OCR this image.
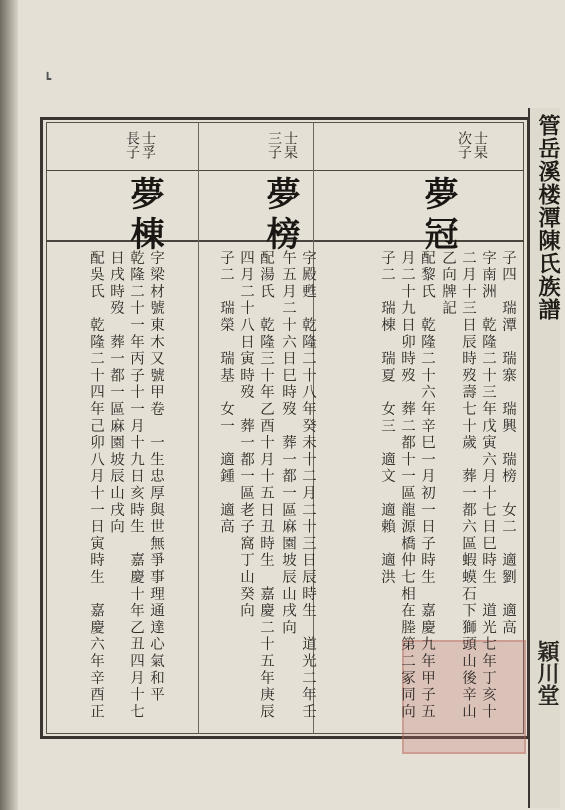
┗
管岳溪楼潭陳氏族譜
穎川堂
士杲
次子
夢冠
士杲
三子
夢榜
士孚
長子
夢棟
子四　瑞潭　瑞寨　瑞興　瑞榜　女二　適劉　適高
字南洲　乾隆二十三年戊寅六月十七日巳時生　道光七年丁亥十
二月十三日辰時歿壽七十歲　葬一都六區蝦蟆石下獅頭山後辛山
乙向牌記
配黎氏　乾隆二十六年辛巳一月初一日子時生　嘉慶九年甲子五
月二十九日卯時歿　葬二都十一區龍源橋仲七相在塍第二冢同向
子二　瑞棟　瑞夏　女三　適文　適賴　適洪
字殿甦　乾隆二十八年癸未十二月二十三日辰時生　道光二年壬
午五月二十六日巳時歿　葬一都一區麻園坡辰山戌向
配湯氏　乾隆三十年乙酉十月十五日丑時生　嘉慶二十五年庚辰
四月二十八日寅時歿　葬一都一區老子窩丁山癸向
子二　瑞榮　瑞基　女一　適鍾　適高
字梁材號東木又號甲卷　一生忠厚與世無爭事理通達心氣和平
乾隆二十一年丙子十一月十九日亥時生　嘉慶十年乙丑四月十七
日戌時歿　葬一都一區麻園坡辰山戌向
配吳氏　乾隆二十四年己卯八月十一日寅時生　嘉慶六年辛酉正
